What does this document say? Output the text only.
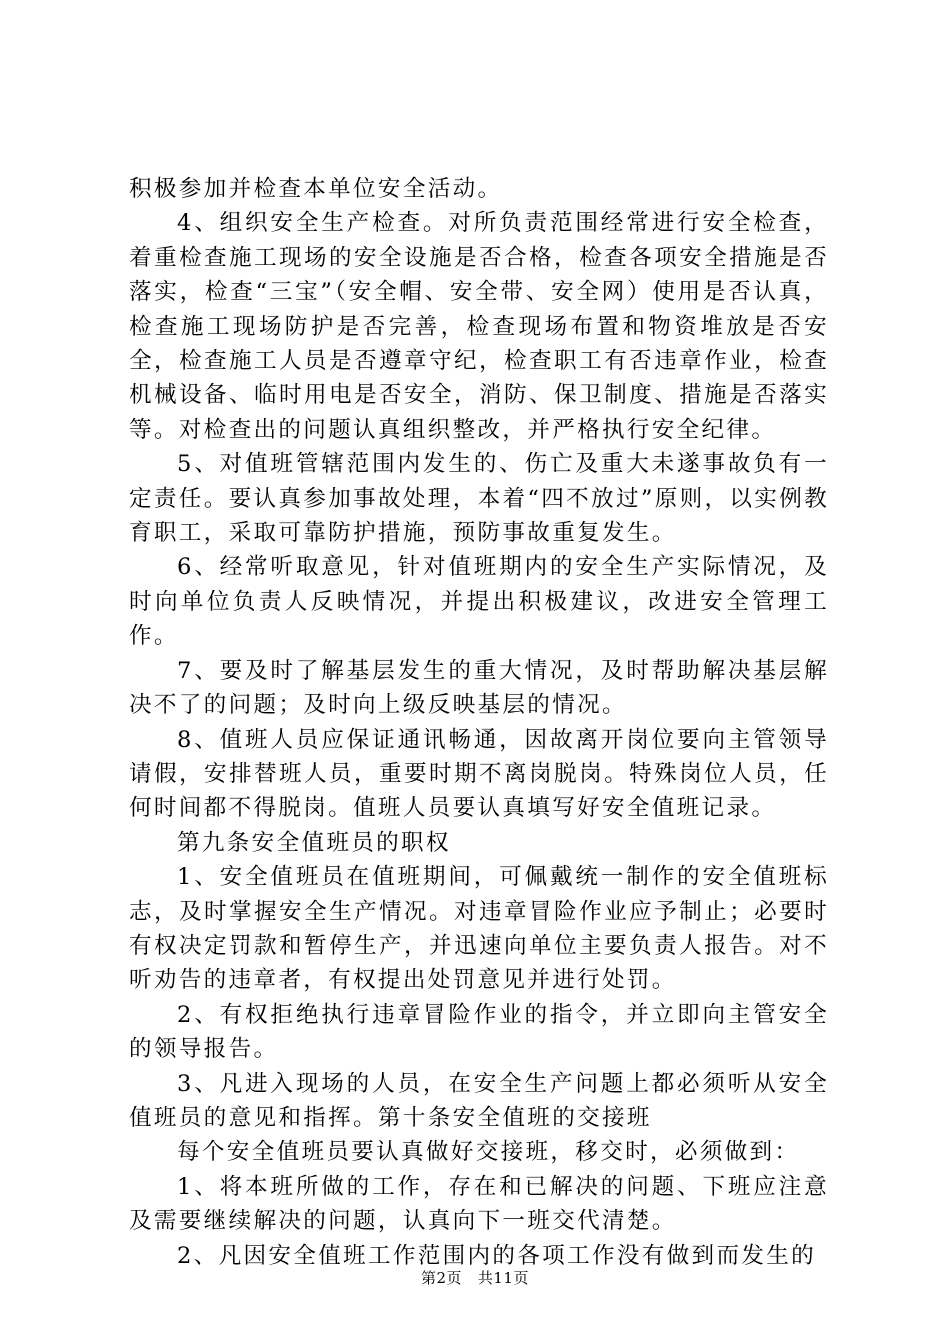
积极参加并检查本单位安全活动。

4、组织安全生产检查。对所负责范围经常进行安全检查，着重检查施工现场的安全设施是否合格，检查各项安全措施是否落实，检查“三宝”（安全帽、安全带、安全网）使用是否认真，检查施工现场防护是否完善，检查现场布置和物资堆放是否安全，检查施工人员是否遵章守纪，检查职工有否违章作业，检查机械设备、临时用电是否安全，消防、保卫制度、措施是否落实等。对检查出的问题认真组织整改，并严格执行安全纪律。

5、对值班管辖范围内发生的、伤亡及重大未遂事故负有一定责任。要认真参加事故处理，本着“四不放过”原则，以实例教育职工，采取可靠防护措施，预防事故重复发生。

6、经常听取意见，针对值班期内的安全生产实际情况，及时向单位负责人反映情况，并提出积极建议，改进安全管理工作。

7、要及时了解基层发生的重大情况，及时帮助解决基层解决不了的问题；及时向上级反映基层的情况。

8、值班人员应保证通讯畅通，因故离开岗位要向主管领导请假，安排替班人员，重要时期不离岗脱岗。特殊岗位人员，任何时间都不得脱岗。值班人员要认真填写好安全值班记录。

第九条安全值班员的职权

1、安全值班员在值班期间，可佩戴统一制作的安全值班标志，及时掌握安全生产情况。对违章冒险作业应予制止；必要时有权决定罚款和暂停生产，并迅速向单位主要负责人报告。对不听劝告的违章者，有权提出处罚意见并进行处罚。

2、有权拒绝执行违章冒险作业的指令，并立即向主管安全的领导报告。

3、凡进入现场的人员，在安全生产问题上都必须听从安全值班员的意见和指挥。第十条安全值班的交接班

每个安全值班员要认真做好交接班，移交时，必须做到：

1、将本班所做的工作，存在和已解决的问题、下班应注意及需要继续解决的问题，认真向下一班交代清楚。

2、凡因安全值班工作范围内的各项工作没有做到而发生的

第2页 共11页
